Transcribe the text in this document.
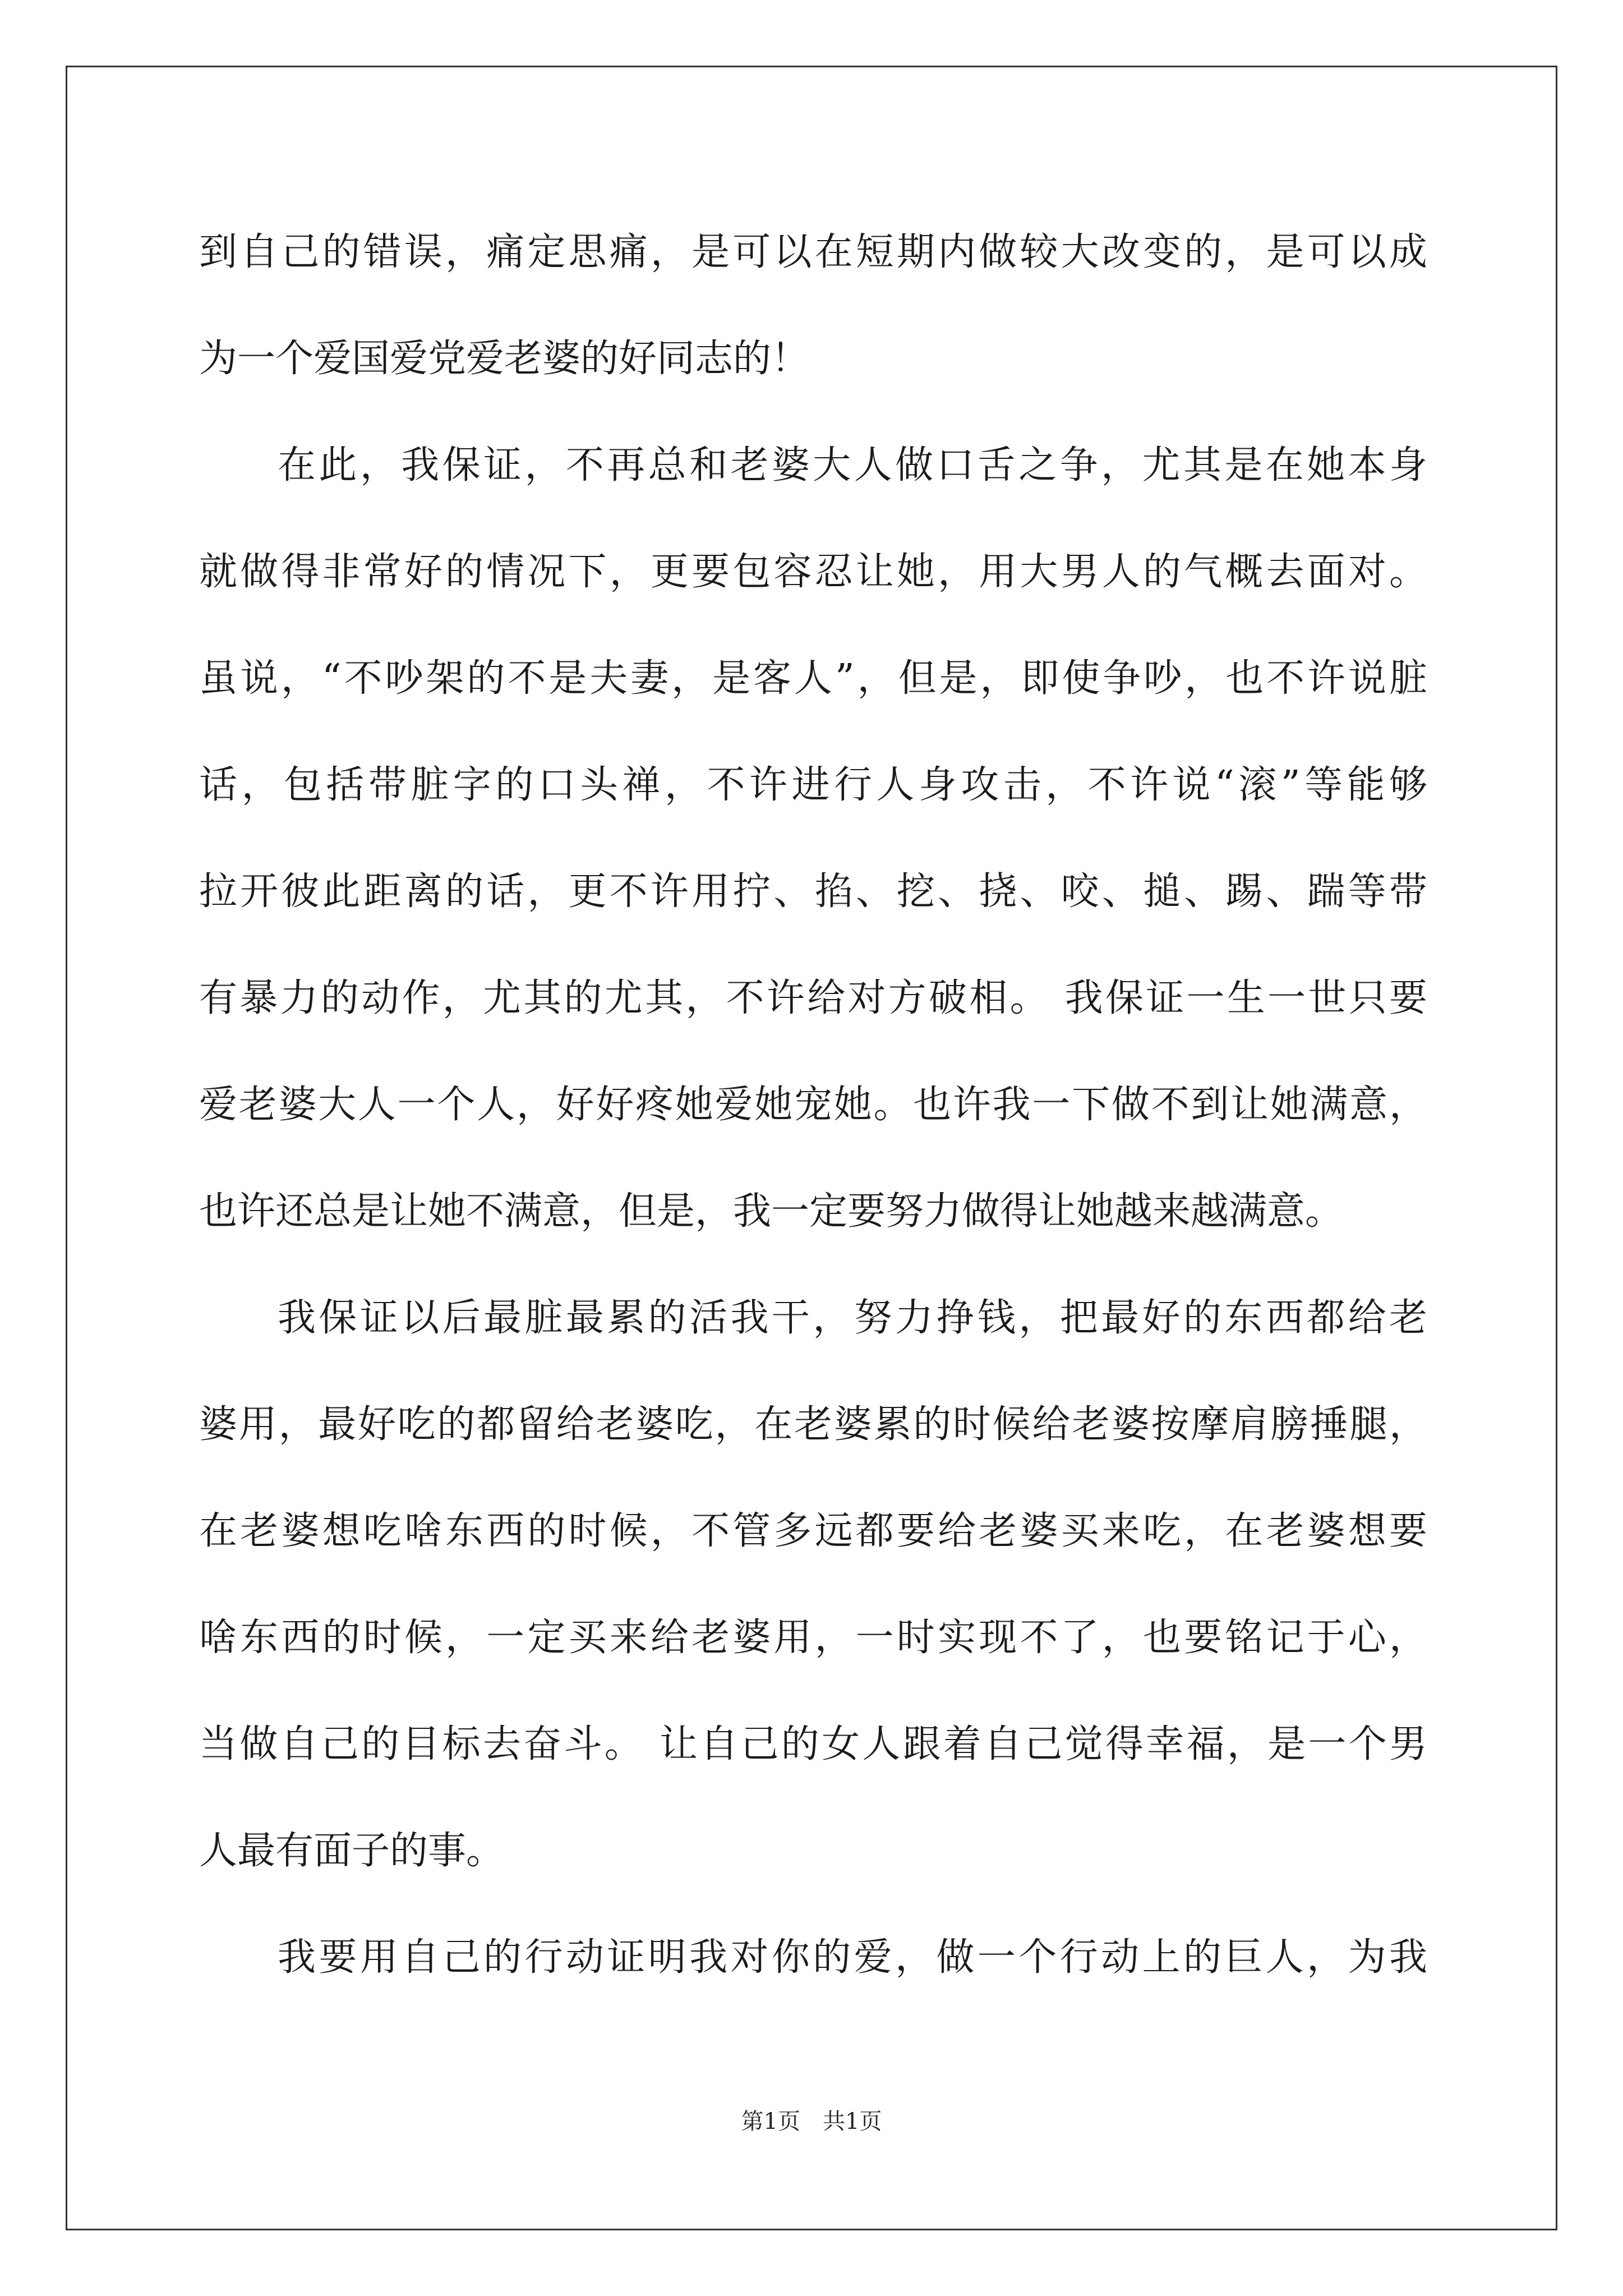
到自己的错误，痛定思痛，是可以在短期内做较大改变的，是可以成
为一个爱国爱党爱老婆的好同志的！
在此，我保证，不再总和老婆大人做口舌之争，尤其是在她本身
就做得非常好的情况下，更要包容忍让她，用大男人的气概去面对。
虽说，“不吵架的不是夫妻，是客人”，但是，即使争吵，也不许说脏
话，包括带脏字的口头禅，不许进行人身攻击，不许说“滚”等能够
拉开彼此距离的话，更不许用拧、掐、挖、挠、咬、搥、踢、踹等带
有暴力的动作，尤其的尤其，不许给对方破相。 我保证一生一世只要
爱老婆大人一个人，好好疼她爱她宠她。也许我一下做不到让她满意，
也许还总是让她不满意，但是，我一定要努力做得让她越来越满意。
我保证以后最脏最累的活我干，努力挣钱，把最好的东西都给老
婆用，最好吃的都留给老婆吃，在老婆累的时候给老婆按摩肩膀捶腿，
在老婆想吃啥东西的时候，不管多远都要给老婆买来吃，在老婆想要
啥东西的时候，一定买来给老婆用，一时实现不了，也要铭记于心，
当做自己的目标去奋斗。 让自己的女人跟着自己觉得幸福，是一个男
人最有面子的事。
我要用自己的行动证明我对你的爱，做一个行动上的巨人，为我
第1页　共1页
